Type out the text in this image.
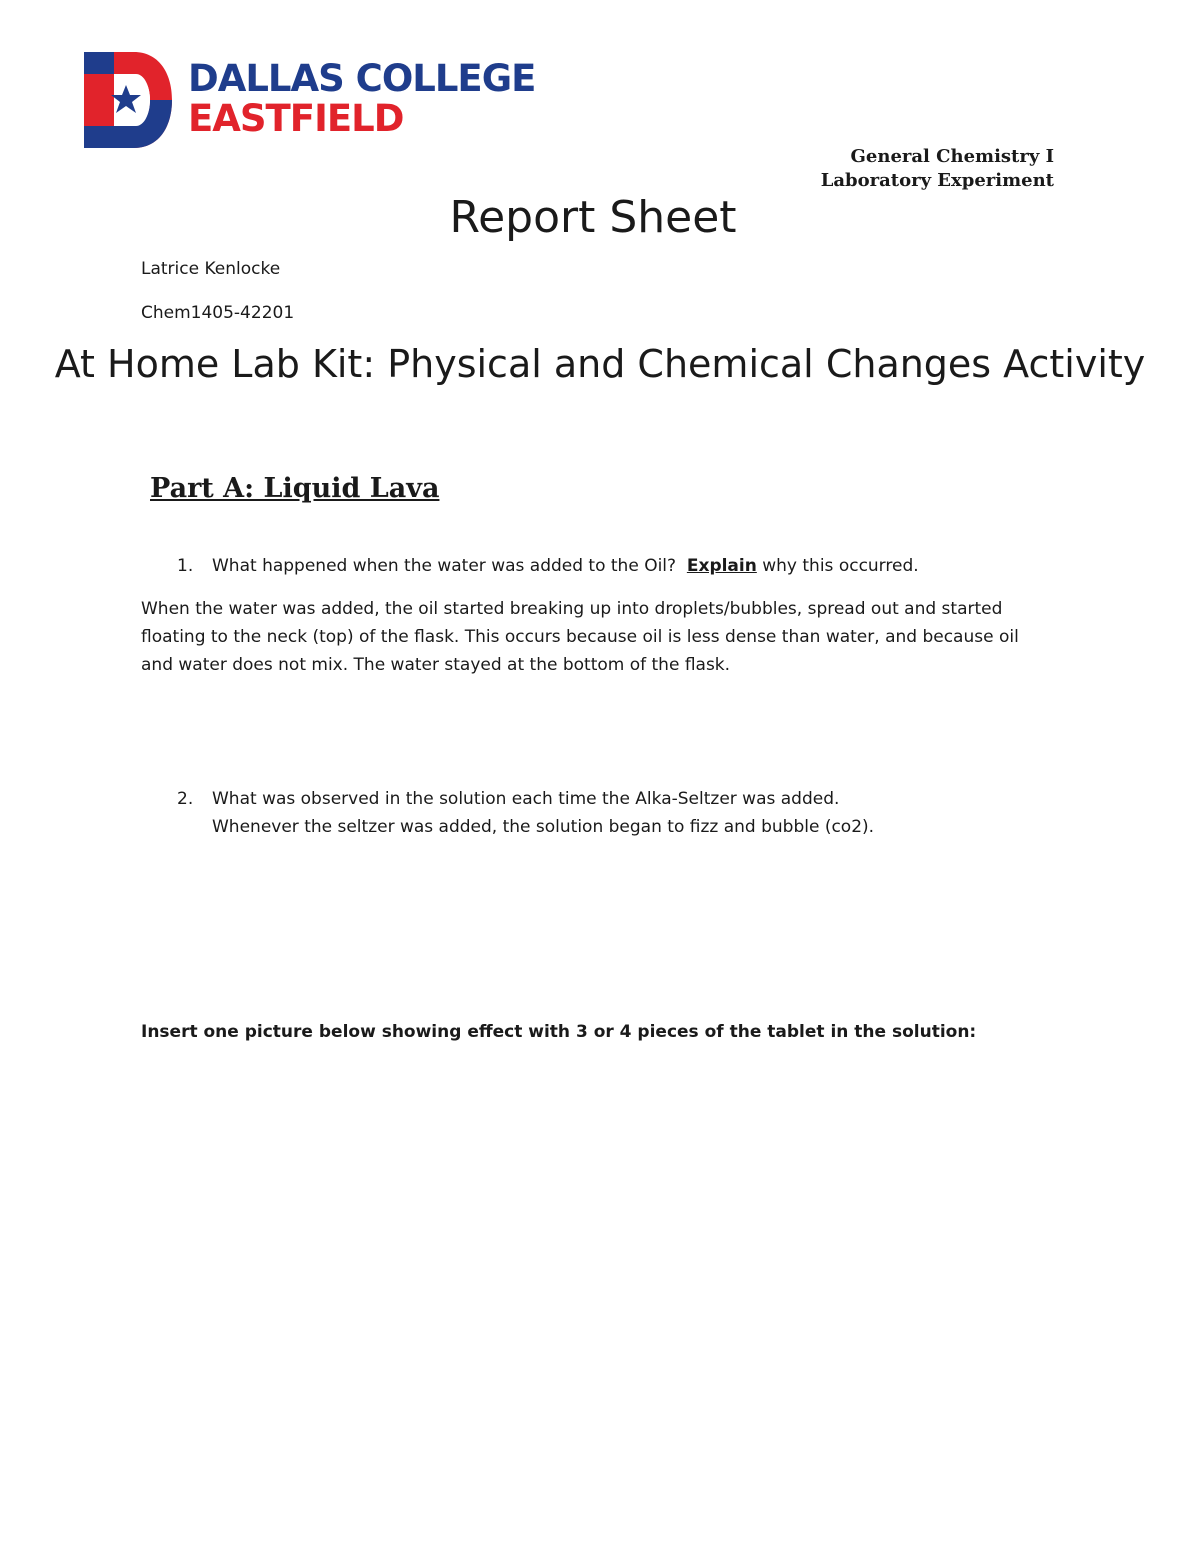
DALLAS COLLEGE
EASTFIELD
General Chemistry I
Laboratory Experiment
Report Sheet
Latrice Kenlocke
Chem1405-42201
At Home Lab Kit: Physical and Chemical Changes Activity
Part A: Liquid Lava
1. What happened when the water was added to the Oil? Explain why this occurred.
When the water was added, the oil started breaking up into droplets/bubbles, spread out and started floating to the neck (top) of the flask. This occurs because oil is less dense than water, and because oil and water does not mix. The water stayed at the bottom of the flask.
2. What was observed in the solution each time the Alka-Seltzer was added.
Whenever the seltzer was added, the solution began to fizz and bubble (co2).
Insert one picture below showing effect with 3 or 4 pieces of the tablet in the solution:
